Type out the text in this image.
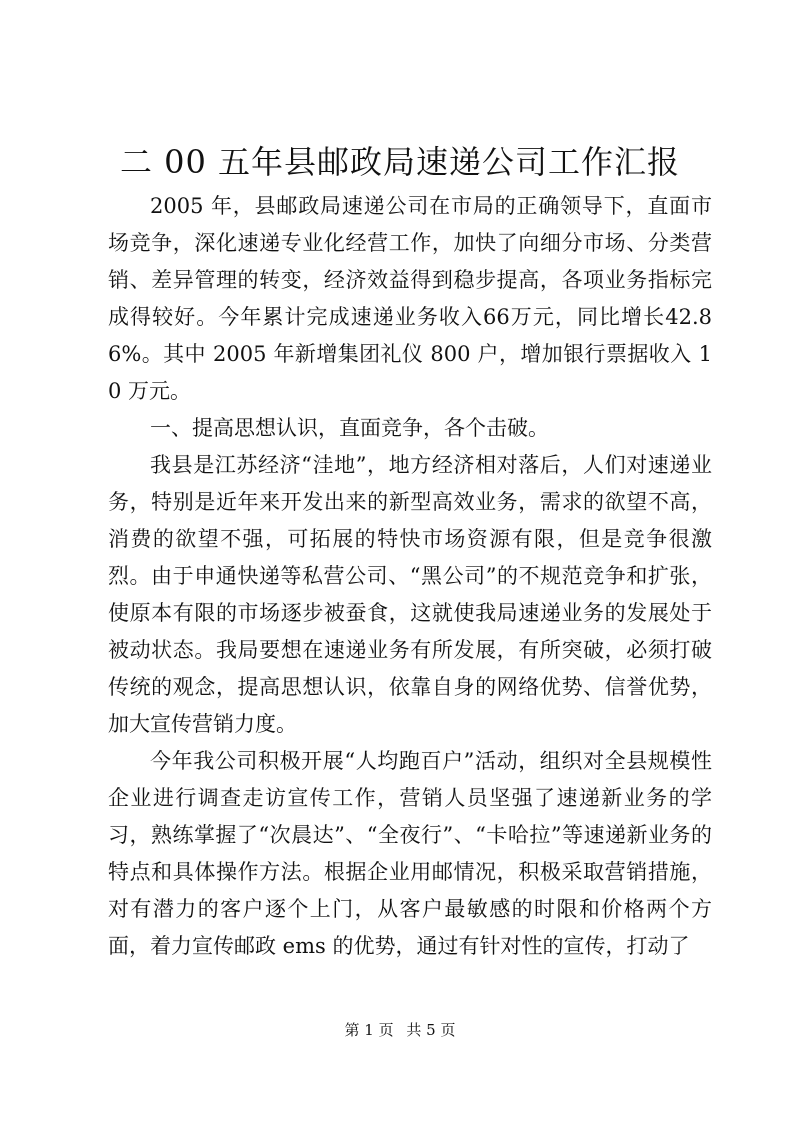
二 00 五年县邮政局速递公司工作汇报

2005 年，县邮政局速递公司在市局的正确领导下，直面市场竞争，深化速递专业化经营工作，加快了向细分市场、分类营销、差异管理的转变，经济效益得到稳步提高，各项业务指标完成得较好。今年累计完成速递业务收入66万元，同比增长42.86%。其中 2005 年新增集团礼仪 800 户，增加银行票据收入 10 万元。

一、提高思想认识，直面竞争，各个击破。

我县是江苏经济“洼地”，地方经济相对落后，人们对速递业务，特别是近年来开发出来的新型高效业务，需求的欲望不高，消费的欲望不强，可拓展的特快市场资源有限，但是竞争很激烈。由于申通快递等私营公司、“黑公司”的不规范竞争和扩张，使原本有限的市场逐步被蚕食，这就使我局速递业务的发展处于被动状态。我局要想在速递业务有所发展，有所突破，必须打破传统的观念，提高思想认识，依靠自身的网络优势、信誉优势，加大宣传营销力度。

今年我公司积极开展“人均跑百户”活动，组织对全县规模性企业进行调查走访宣传工作，营销人员坚强了速递新业务的学习，熟练掌握了“次晨达”、“全夜行”、“卡哈拉”等速递新业务的特点和具体操作方法。根据企业用邮情况，积极采取营销措施，对有潜力的客户逐个上门，从客户最敏感的时限和价格两个方面，着力宣传邮政 ems 的优势，通过有针对性的宣传，打动了

第 1 页 共 5 页
